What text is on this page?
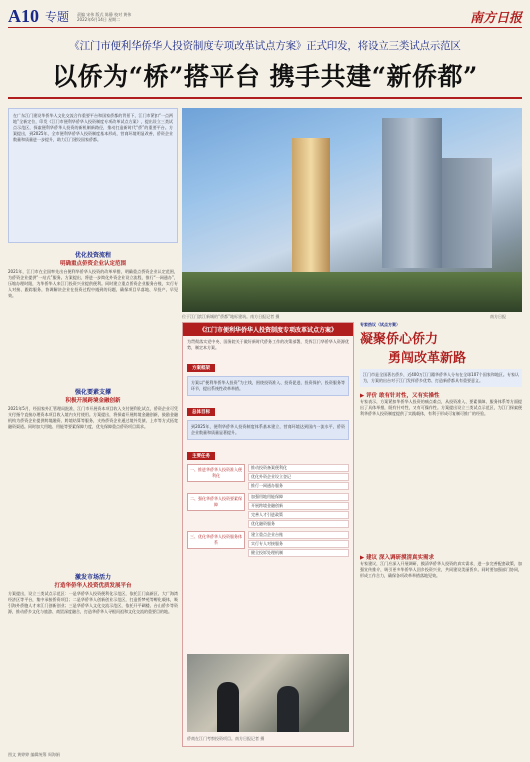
A10 专题 责编 宋伟 版式 陈静 校对 黄伟
2022年6月14日 星期二	南方日报
《江门市便利华侨华人投资制度专项改革试点方案》正式印发，将设立三类试点示范区
以侨为“桥”搭平台 携手共建“新侨都”

在广东江门建设华侨华人文化交流合作重要平台和国家侨都的背景下，江门市紧扣“一点两地”全新定位，印发《江门市便利华侨华人投资制度专项改革试点方案》，提出设立三类试点示范区，探索便利华侨华人投资的新机制新路径，推动打造新时代“侨”的重要平台。方案提出，到2025年，全市便利华侨华人投资制度基本形成，营商环境明显改善，侨资企业数量和质量进一步提升，助力江门建设国家侨都。

位于江门滨江新城的“侨都”地标建筑。南方日报记者 摄	南方日报
优化投资流程
明确重点侨资企业认定范围

2021年，江门市在全国率先出台便利华侨华人投资的改革举措，明确重点侨资企业认定范围，为侨资企业提供“一站式”服务。方案提出，将进一步简化外资企业设立流程，推行“一网通办”，压缩办理时限，为华侨华人来江门投资兴业提供便利。同时建立重点侨资企业服务台账，实行专人对接、跟踪服务，协调解决企业在投资过程中遇到的问题，确保项目早落地、早投产、早见效。

强化要素支撑
积极开展跨境金融创新

2021年5月，经国家外汇管理局批准，江门市开展资本项目收入支付便利化试点，侨资企业可凭支付指令直接办理资本项目收入境内支付使用。方案提出，将探索开展跨境金融创新，鼓励金融机构为侨资企业提供跨境融资、跨境结算等服务，支持侨资企业通过境外发债、上市等方式拓宽融资渠道。同时加大用地、用能等要素保障力度，优先保障重点侨资项目需求。

激发市场活力
打造华侨华人投资优质发展平台

方案提出，设立三类试点示范区：一是华侨华人投资便利化示范区，依托江门高新区、大广海湾经济区等平台，集中承接侨资项目；二是华侨华人创新创业示范区，打造侨梦苑等孵化载体，吸引海外侨胞人才来江门创新创业；三是华侨华人文化交流示范区，依托开平碉楼、台山侨乡等资源，推动侨乡文化与旅游、商贸深度融合，打造华侨华人寻根问祖和文化交流的重要目的地。

《江门市便利华侨华人投资制度专项改革试点方案》

为贯彻落实党中央、国务院关于做好新时代侨务工作的决策部署，发挥江门华侨华人资源优势，制定本方案。

方案框架

方案以“便利华侨华人投资”为主线，围绕投资准入、投资促进、投资保护、投资服务等环节，提出系统性改革举措。

总体目标

到2025年，便利华侨华人投资制度体系基本建立，营商环境达到国内一流水平，侨资企业数量和质量显著提升。

主要任务
一、推进华侨华人投资准入便利化
推动投资备案便利化
优化外资企业设立登记
推行一网通办服务
二、强化华侨华人投资要素保障
加强用地用能保障
开展跨境金融创新
完善人才引进政策
优化融资服务
三、优化华侨华人投资服务体系
建立重点企业台账
实行专人对接服务
健全投诉处理机制
侨商在江门考察投资项目。南方日报记者 摄
专家热议（试点方案）
凝聚侨心侨力
勇闯改革新路

江门市是全国著名侨乡，近400万江门籍华侨华人分布在全球107个国家和地区。专家认为，方案的出台对于江门发挥侨乡优势、打造新侨都具有重要意义。

▶ 评价 敢有针对性，又有实操性

专家表示，方案紧扣华侨华人投资的痛点难点，从投资准入、要素保障、服务体系等方面提出了具体举措，既有针对性，又有可操作性。方案提出设立三类试点示范区，为江门探索便利华侨华人投资制度提供了实践载体，有利于形成可复制可推广的经验。

▶ 建议 深入调研摸清真实需求

专家建议，江门应深入开展调研，摸清华侨华人投资的真实需求，进一步完善配套政策，加强宣传推介，吸引更多华侨华人回乡投资兴业，共同建设美丽侨乡。同时要加强部门协同，形成工作合力，确保各项改革举措落地见效。

图文 黄婷婷 编辑统筹 周海娟
